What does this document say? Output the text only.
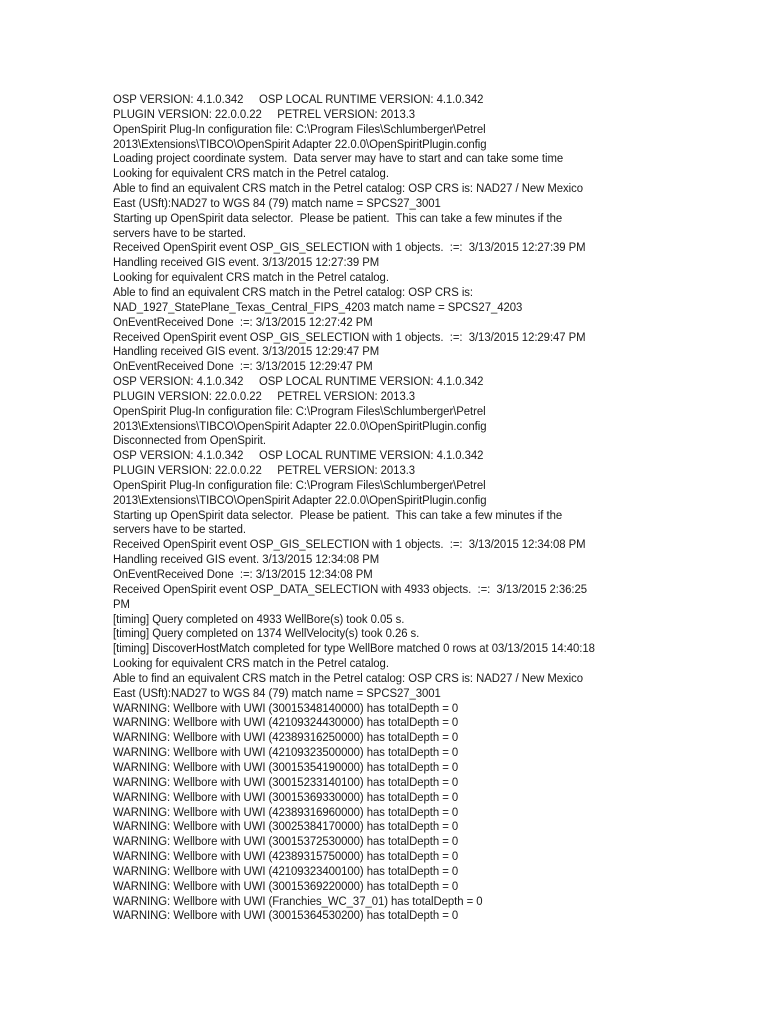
OSP VERSION: 4.1.0.342     OSP LOCAL RUNTIME VERSION: 4.1.0.342
PLUGIN VERSION: 22.0.0.22     PETREL VERSION: 2013.3
OpenSpirit Plug-In configuration file: C:\Program Files\Schlumberger\Petrel
2013\Extensions\TIBCO\OpenSpirit Adapter 22.0.0\OpenSpiritPlugin.config
Loading project coordinate system.  Data server may have to start and can take some time
Looking for equivalent CRS match in the Petrel catalog.
Able to find an equivalent CRS match in the Petrel catalog: OSP CRS is: NAD27 / New Mexico
East (USft):NAD27 to WGS 84 (79) match name = SPCS27_3001
Starting up OpenSpirit data selector.  Please be patient.  This can take a few minutes if the
servers have to be started.
Received OpenSpirit event OSP_GIS_SELECTION with 1 objects.  :=:  3/13/2015 12:27:39 PM
Handling received GIS event. 3/13/2015 12:27:39 PM
Looking for equivalent CRS match in the Petrel catalog.
Able to find an equivalent CRS match in the Petrel catalog: OSP CRS is:
NAD_1927_StatePlane_Texas_Central_FIPS_4203 match name = SPCS27_4203
OnEventReceived Done  :=: 3/13/2015 12:27:42 PM
Received OpenSpirit event OSP_GIS_SELECTION with 1 objects.  :=:  3/13/2015 12:29:47 PM
Handling received GIS event. 3/13/2015 12:29:47 PM
OnEventReceived Done  :=: 3/13/2015 12:29:47 PM
OSP VERSION: 4.1.0.342     OSP LOCAL RUNTIME VERSION: 4.1.0.342
PLUGIN VERSION: 22.0.0.22     PETREL VERSION: 2013.3
OpenSpirit Plug-In configuration file: C:\Program Files\Schlumberger\Petrel
2013\Extensions\TIBCO\OpenSpirit Adapter 22.0.0\OpenSpiritPlugin.config
Disconnected from OpenSpirit.
OSP VERSION: 4.1.0.342     OSP LOCAL RUNTIME VERSION: 4.1.0.342
PLUGIN VERSION: 22.0.0.22     PETREL VERSION: 2013.3
OpenSpirit Plug-In configuration file: C:\Program Files\Schlumberger\Petrel
2013\Extensions\TIBCO\OpenSpirit Adapter 22.0.0\OpenSpiritPlugin.config
Starting up OpenSpirit data selector.  Please be patient.  This can take a few minutes if the
servers have to be started.
Received OpenSpirit event OSP_GIS_SELECTION with 1 objects.  :=:  3/13/2015 12:34:08 PM
Handling received GIS event. 3/13/2015 12:34:08 PM
OnEventReceived Done  :=: 3/13/2015 12:34:08 PM
Received OpenSpirit event OSP_DATA_SELECTION with 4933 objects.  :=:  3/13/2015 2:36:25
PM
[timing] Query completed on 4933 WellBore(s) took 0.05 s.
[timing] Query completed on 1374 WellVelocity(s) took 0.26 s.
[timing] DiscoverHostMatch completed for type WellBore matched 0 rows at 03/13/2015 14:40:18
Looking for equivalent CRS match in the Petrel catalog.
Able to find an equivalent CRS match in the Petrel catalog: OSP CRS is: NAD27 / New Mexico
East (USft):NAD27 to WGS 84 (79) match name = SPCS27_3001
WARNING: Wellbore with UWI (30015348140000) has totalDepth = 0
WARNING: Wellbore with UWI (42109324430000) has totalDepth = 0
WARNING: Wellbore with UWI (42389316250000) has totalDepth = 0
WARNING: Wellbore with UWI (42109323500000) has totalDepth = 0
WARNING: Wellbore with UWI (30015354190000) has totalDepth = 0
WARNING: Wellbore with UWI (30015233140100) has totalDepth = 0
WARNING: Wellbore with UWI (30015369330000) has totalDepth = 0
WARNING: Wellbore with UWI (42389316960000) has totalDepth = 0
WARNING: Wellbore with UWI (30025384170000) has totalDepth = 0
WARNING: Wellbore with UWI (30015372530000) has totalDepth = 0
WARNING: Wellbore with UWI (42389315750000) has totalDepth = 0
WARNING: Wellbore with UWI (42109323400100) has totalDepth = 0
WARNING: Wellbore with UWI (30015369220000) has totalDepth = 0
WARNING: Wellbore with UWI (Franchies_WC_37_01) has totalDepth = 0
WARNING: Wellbore with UWI (30015364530200) has totalDepth = 0
